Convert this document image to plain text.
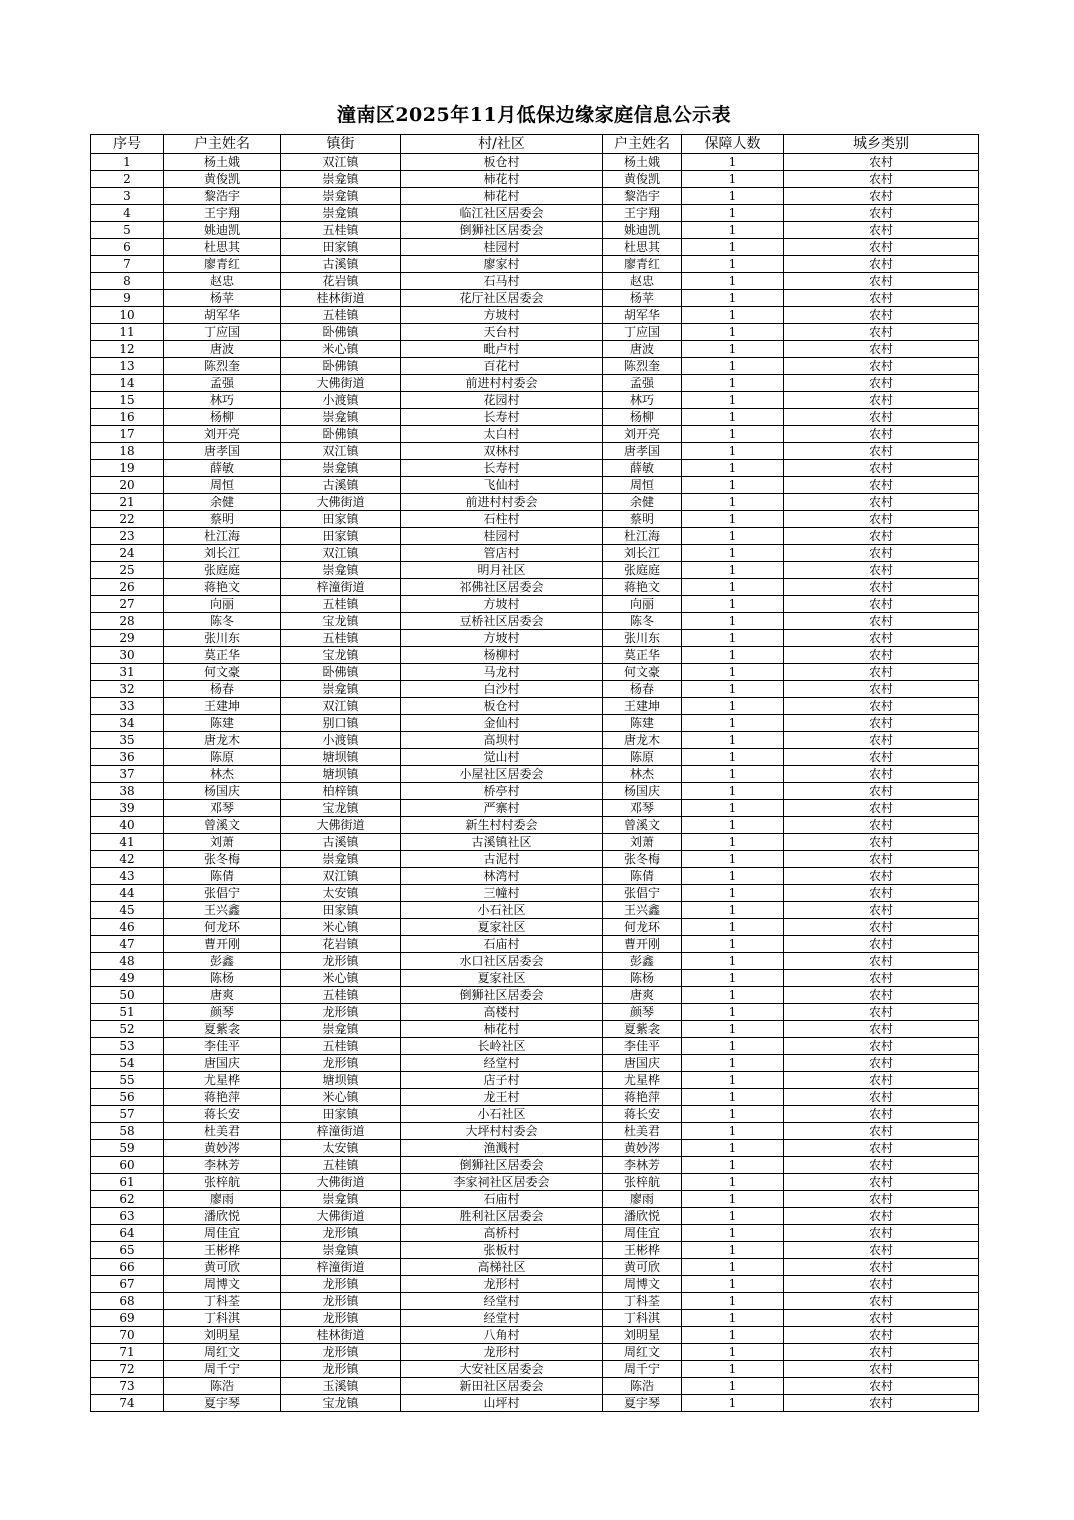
潼南区2025年11月低保边缘家庭信息公示表
序号	户主姓名	镇街	村/社区	户主姓名	保障人数	城乡类别
1	杨土娥	双江镇	板仓村	杨土娥	1	农村
2	黄俊凯	崇龛镇	柿花村	黄俊凯	1	农村
3	黎浩宇	崇龛镇	柿花村	黎浩宇	1	农村
4	王宇翔	崇龛镇	临江社区居委会	王宇翔	1	农村
5	姚迪凯	五桂镇	倒狮社区居委会	姚迪凯	1	农村
6	杜思其	田家镇	桂园村	杜思其	1	农村
7	廖青红	古溪镇	廖家村	廖青红	1	农村
8	赵忠	花岩镇	石马村	赵忠	1	农村
9	杨苹	桂林街道	花厅社区居委会	杨苹	1	农村
10	胡军华	五桂镇	方坡村	胡军华	1	农村
11	丁应国	卧佛镇	天台村	丁应国	1	农村
12	唐波	米心镇	毗卢村	唐波	1	农村
13	陈烈奎	卧佛镇	百花村	陈烈奎	1	农村
14	孟强	大佛街道	前进村村委会	孟强	1	农村
15	林巧	小渡镇	花园村	林巧	1	农村
16	杨柳	崇龛镇	长寿村	杨柳	1	农村
17	刘开亮	卧佛镇	太白村	刘开亮	1	农村
18	唐孝国	双江镇	双林村	唐孝国	1	农村
19	薛敏	崇龛镇	长寿村	薛敏	1	农村
20	周恒	古溪镇	飞仙村	周恒	1	农村
21	余健	大佛街道	前进村村委会	余健	1	农村
22	蔡明	田家镇	石柱村	蔡明	1	农村
23	杜江海	田家镇	桂园村	杜江海	1	农村
24	刘长江	双江镇	管店村	刘长江	1	农村
25	张庭庭	崇龛镇	明月社区	张庭庭	1	农村
26	蒋艳文	梓潼街道	祁佛社区居委会	蒋艳文	1	农村
27	向丽	五桂镇	方坡村	向丽	1	农村
28	陈冬	宝龙镇	豆桥社区居委会	陈冬	1	农村
29	张川东	五桂镇	方坡村	张川东	1	农村
30	莫正华	宝龙镇	杨柳村	莫正华	1	农村
31	何文豪	卧佛镇	马龙村	何文豪	1	农村
32	杨春	崇龛镇	白沙村	杨春	1	农村
33	王建坤	双江镇	板仓村	王建坤	1	农村
34	陈建	别口镇	金仙村	陈建	1	农村
35	唐龙木	小渡镇	高坝村	唐龙木	1	农村
36	陈原	塘坝镇	觉山村	陈原	1	农村
37	林杰	塘坝镇	小屋社区居委会	林杰	1	农村
38	杨国庆	柏梓镇	桥亭村	杨国庆	1	农村
39	邓琴	宝龙镇	严寨村	邓琴	1	农村
40	曾溪文	大佛街道	新生村村委会	曾溪文	1	农村
41	刘萧	古溪镇	古溪镇社区	刘萧	1	农村
42	张冬梅	崇龛镇	古泥村	张冬梅	1	农村
43	陈倩	双江镇	林湾村	陈倩	1	农村
44	张倡宁	太安镇	三幢村	张倡宁	1	农村
45	王兴鑫	田家镇	小石社区	王兴鑫	1	农村
46	何龙环	米心镇	夏家社区	何龙环	1	农村
47	曹开刚	花岩镇	石庙村	曹开刚	1	农村
48	彭鑫	龙形镇	水口社区居委会	彭鑫	1	农村
49	陈杨	米心镇	夏家社区	陈杨	1	农村
50	唐爽	五桂镇	倒狮社区居委会	唐爽	1	农村
51	颜琴	龙形镇	高楼村	颜琴	1	农村
52	夏紫衾	崇龛镇	柿花村	夏紫衾	1	农村
53	李佳平	五桂镇	长岭社区	李佳平	1	农村
54	唐国庆	龙形镇	经堂村	唐国庆	1	农村
55	尤星桦	塘坝镇	店子村	尤星桦	1	农村
56	蒋艳萍	米心镇	龙王村	蒋艳萍	1	农村
57	蒋长安	田家镇	小石社区	蒋长安	1	农村
58	杜美君	梓潼街道	大坪村村委会	杜美君	1	农村
59	黄妙涔	太安镇	渔溅村	黄妙涔	1	农村
60	李林芳	五桂镇	倒狮社区居委会	李林芳	1	农村
61	张梓航	大佛街道	李家祠社区居委会	张梓航	1	农村
62	廖雨	崇龛镇	石庙村	廖雨	1	农村
63	潘欣悦	大佛街道	胜利社区居委会	潘欣悦	1	农村
64	周佳宜	龙形镇	高桥村	周佳宜	1	农村
65	王彬桦	崇龛镇	张板村	王彬桦	1	农村
66	黄可欣	梓潼街道	高梯社区	黄可欣	1	农村
67	周博文	龙形镇	龙形村	周博文	1	农村
68	丁科荃	龙形镇	经堂村	丁科荃	1	农村
69	丁科淇	龙形镇	经堂村	丁科淇	1	农村
70	刘明星	桂林街道	八角村	刘明星	1	农村
71	周红文	龙形镇	龙形村	周红文	1	农村
72	周千宁	龙形镇	大安社区居委会	周千宁	1	农村
73	陈浩	玉溪镇	新田社区居委会	陈浩	1	农村
74	夏宇琴	宝龙镇	山坪村	夏宇琴	1	农村
